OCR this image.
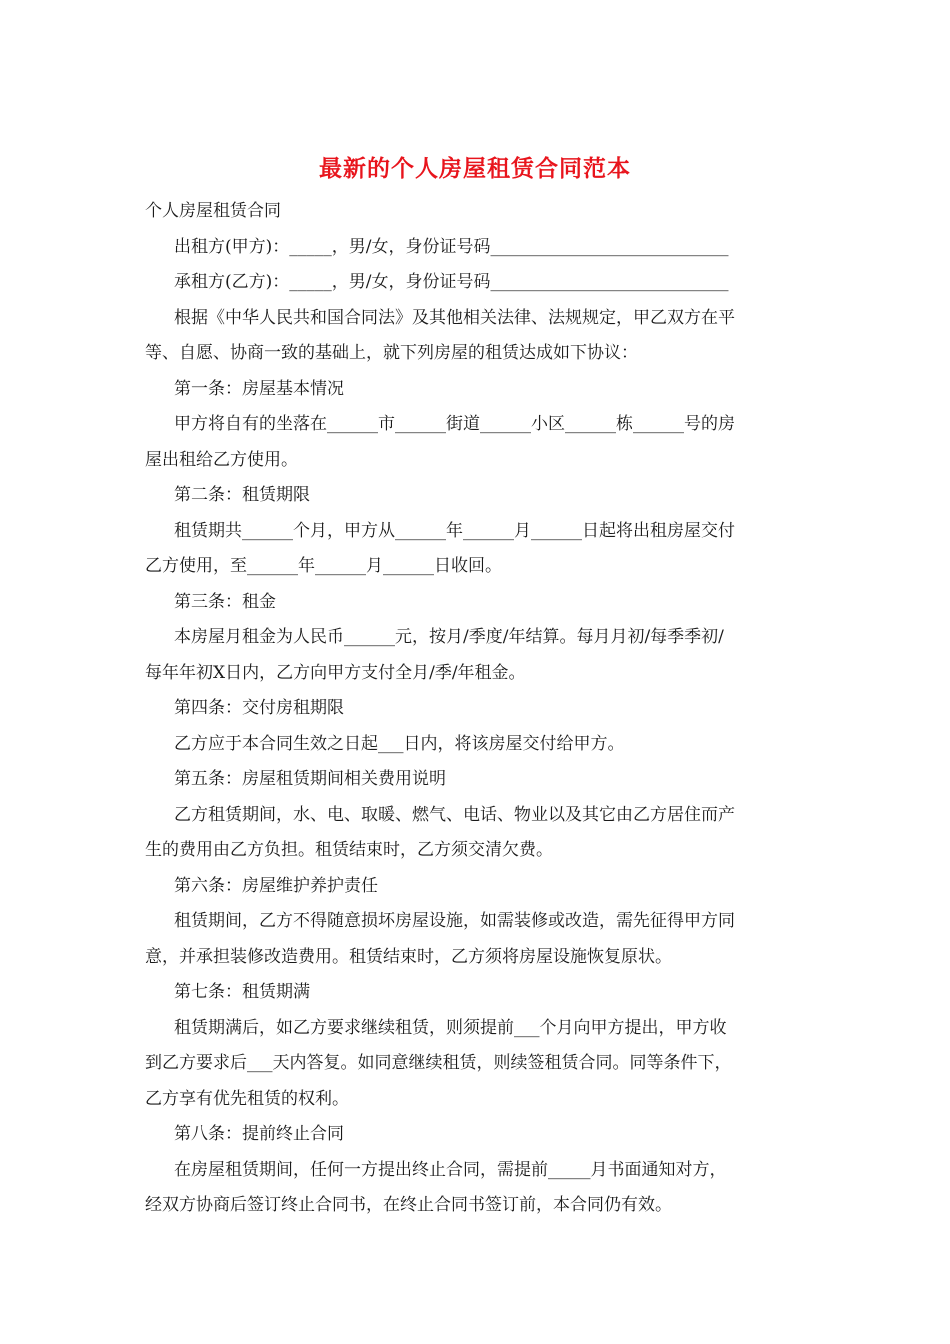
最新的个人房屋租赁合同范本
个人房屋租赁合同
出租方(甲方)：_____，男/女，身份证号码____________________________
承租方(乙方)：_____，男/女，身份证号码____________________________
根据《中华人民共和国合同法》及其他相关法律、法规规定，甲乙双方在平
等、自愿、协商一致的基础上，就下列房屋的租赁达成如下协议：
第一条：房屋基本情况
甲方将自有的坐落在______市______街道______小区______栋______号的房
屋出租给乙方使用。
第二条：租赁期限
租赁期共______个月，甲方从______年______月______日起将出租房屋交付
乙方使用，至______年______月______日收回。
第三条：租金
本房屋月租金为人民币______元，按月/季度/年结算。每月月初/每季季初/
每年年初X日内，乙方向甲方支付全月/季/年租金。
第四条：交付房租期限
乙方应于本合同生效之日起___日内，将该房屋交付给甲方。
第五条：房屋租赁期间相关费用说明
乙方租赁期间，水、电、取暖、燃气、电话、物业以及其它由乙方居住而产
生的费用由乙方负担。租赁结束时，乙方须交清欠费。
第六条：房屋维护养护责任
租赁期间，乙方不得随意损坏房屋设施，如需装修或改造，需先征得甲方同
意，并承担装修改造费用。租赁结束时，乙方须将房屋设施恢复原状。
第七条：租赁期满
租赁期满后，如乙方要求继续租赁，则须提前___个月向甲方提出，甲方收
到乙方要求后___天内答复。如同意继续租赁，则续签租赁合同。同等条件下，
乙方享有优先租赁的权利。
第八条：提前终止合同
在房屋租赁期间，任何一方提出终止合同，需提前_____月书面通知对方，
经双方协商后签订终止合同书，在终止合同书签订前，本合同仍有效。
